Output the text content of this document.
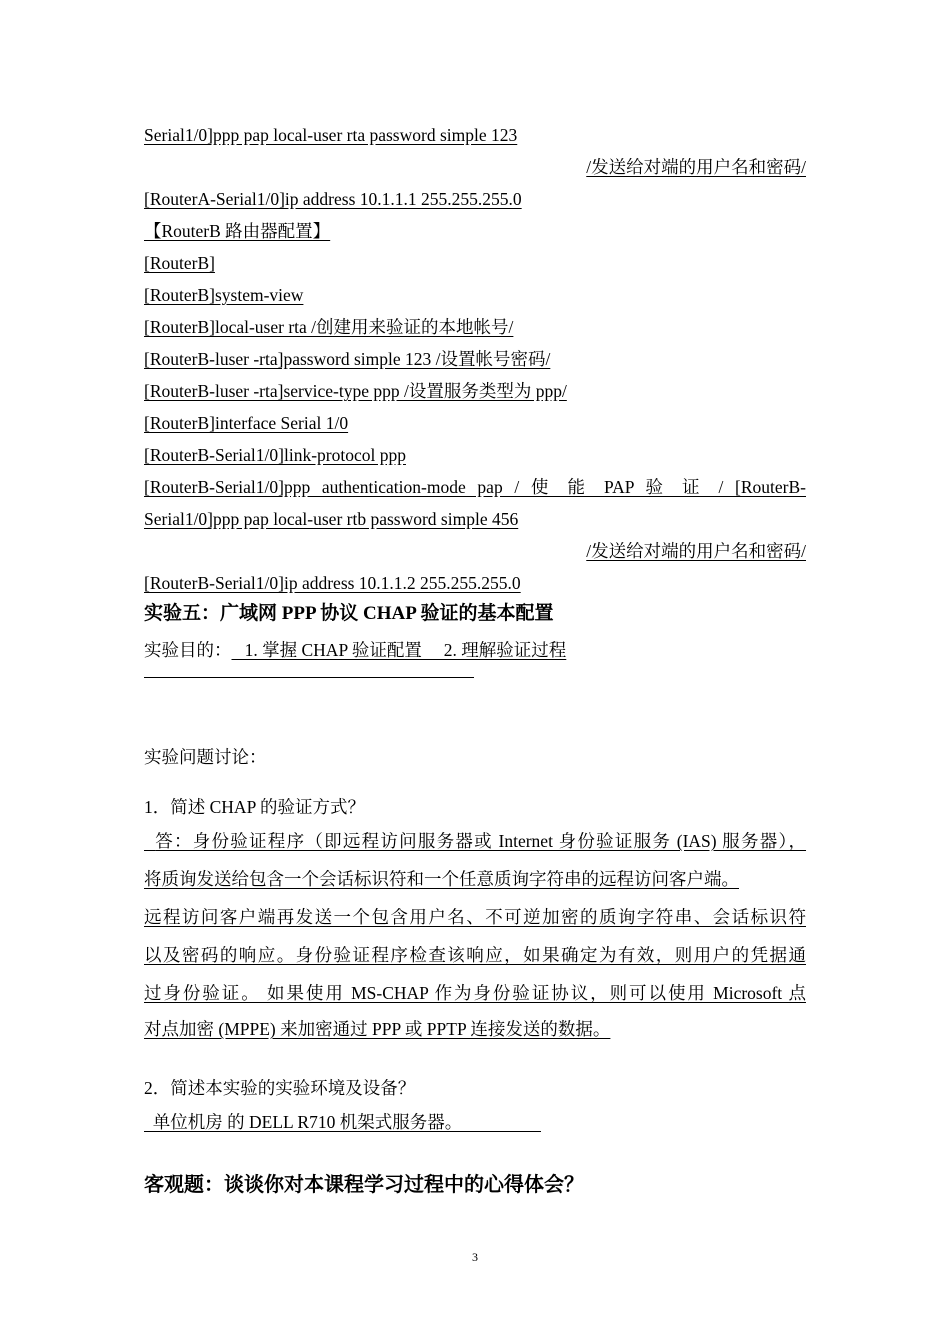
Serial1/0]ppp pap local-user rta password simple 123
/发送给对端的用户名和密码/
[RouterA-Serial1/0]ip address 10.1.1.1 255.255.255.0
【RouterB 路由器配置】
[RouterB]
[RouterB]system-view
[RouterB]local-user rta /创建用来验证的本地帐号/
[RouterB-luser -rta]password simple 123 /设置帐号密码/
[RouterB-luser -rta]service-type ppp /设置服务类型为 ppp/
[RouterB]interface Serial 1/0
[RouterB-Serial1/0]link-protocol ppp
[RouterB-Serial1/0]ppp authentication-mode pap / 使 能 PAP 验 证 / [RouterB-
Serial1/0]ppp pap local-user rtb password simple 456
/发送给对端的用户名和密码/
[RouterB-Serial1/0]ip address 10.1.1.2 255.255.255.0
实验五：广域网 PPP 协议 CHAP 验证的基本配置
实验目的：   1. 掌握 CHAP 验证配置     2. 理解验证过程
实验问题讨论：
1．简述 CHAP 的验证方式？
答：身份验证程序（即远程访问服务器或 Internet 身份验证服务 (IAS) 服务器），
将质询发送给包含一个会话标识符和一个任意质询字符串的远程访问客户端。
远程访问客户端再发送一个包含用户名、不可逆加密的质询字符串、会话标识符
以及密码的响应。身份验证程序检查该响应，如果确定为有效，则用户的凭据通
过身份验证。 如果使用 MS-CHAP 作为身份验证协议，则可以使用 Microsoft 点
对点加密 (MPPE) 来加密通过 PPP 或 PPTP 连接发送的数据。
2．简述本实验的实验环境及设备？
单位机房 的 DELL R710 机架式服务器。
客观题：谈谈你对本课程学习过程中的心得体会？
3
